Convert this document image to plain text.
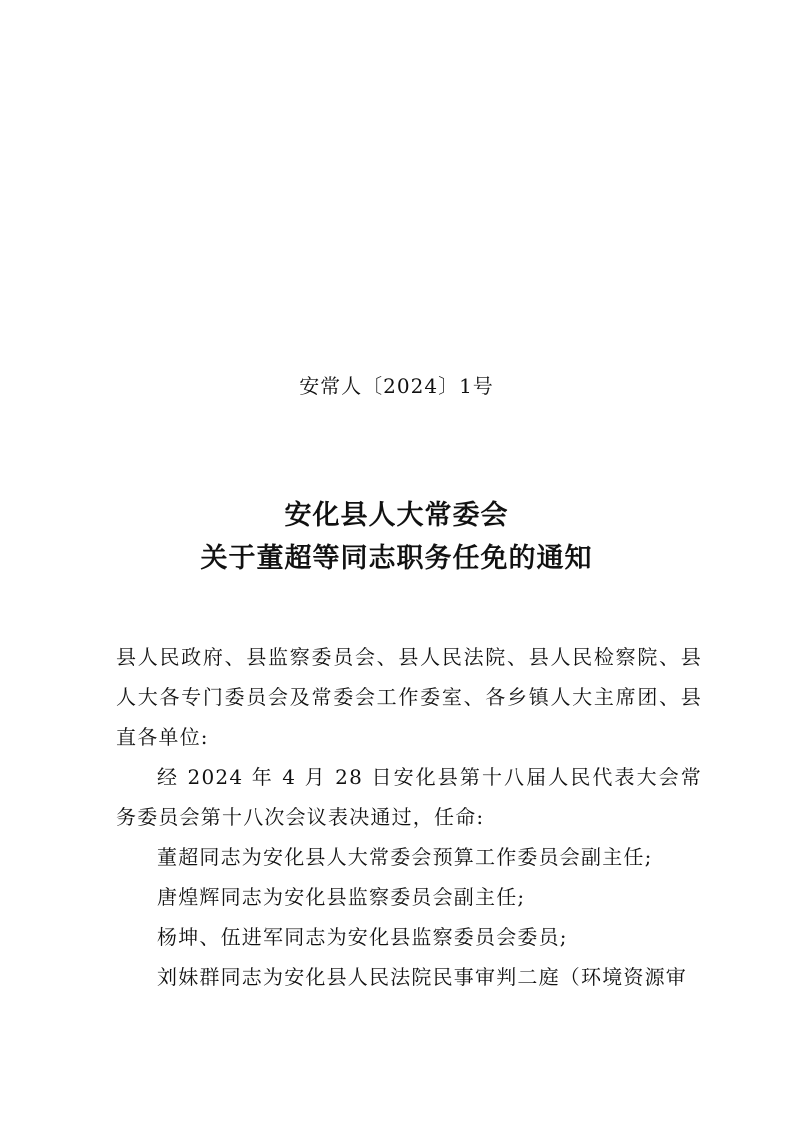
安常人〔2024〕1号
安化县人大常委会
关于董超等同志职务任免的通知
县人民政府、县监察委员会、县人民法院、县人民检察院、县人大各专门委员会及常委会工作委室、各乡镇人大主席团、县直各单位:
经 2024 年 4 月 28 日安化县第十八届人民代表大会常务委员会第十八次会议表决通过，任命:
董超同志为安化县人大常委会预算工作委员会副主任;
唐煌辉同志为安化县监察委员会副主任;
杨坤、伍进军同志为安化县监察委员会委员;
刘妹群同志为安化县人民法院民事审判二庭（环境资源审
